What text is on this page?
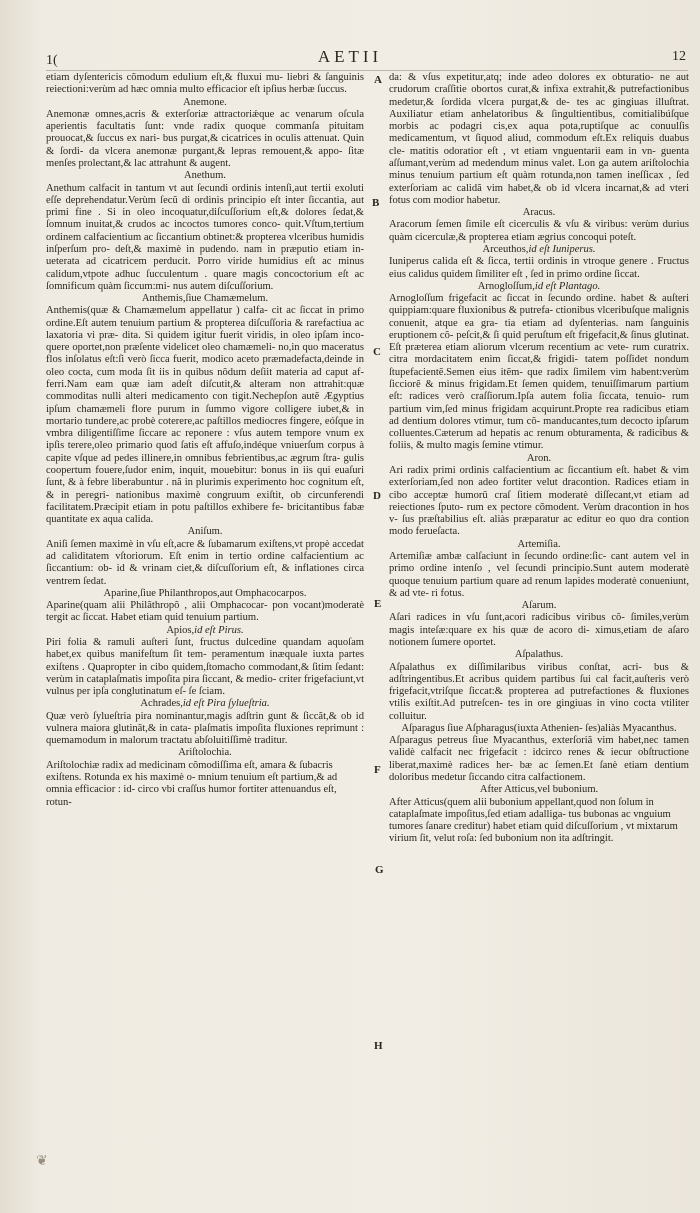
1(	AETII	12

etiam dyſentericis cõmodum edulium eſt,& fluxui mu- liebri & ſanguinis reiectioni:verùm ad hæc omnia multo efficacior eſt ipſius herbæ ſuccus.

Anemone.

Anemonæ omnes,acris & exterſoriæ attractoriǽque ac venarum oſcula aperientis facultatis ſunt: vnde radix quoque commanſa pituitam prouocat,& ſuccus ex nari- bus purgat,& cicatrices in oculis attenuat. Quin & ſordi- da vlcera anemonæ purgant,& lepras remouent,& appo- ſitæ menſes prolectant,& lac attrahunt & augent.

Anethum.

Anethum calfacit in tantum vt aut ſecundi ordinis intenſi,aut tertii exoluti eſſe deprehendatur.Verùm ſecũ di ordinis principio eſt inter ſiccantia, aut primi fine . Si in oleo incoquatur,diſcuſſorium eſt,& dolores ſedat,& ſomnum inuitat,& crudos ac incoctos tumores conco- quit.Vſtum,tertium ordinem calfacientium ac ſiccantium obtinet:& propterea vlceribus humidis inſperſum pro- deſt,& maximè in pudendo. nam in præputio etiam in- ueterata ad cicatricem perducit. Porro viride humidius eſt ac minus calidum,vtpote adhuc ſucculentum . quare magis concoctorium eſt ac ſomnificum quàm ſiccum:mi- nus autem diſcuſſorium.

Anthemis,ſiue Chamæmelum.

Anthemis(quæ & Chamæmelum appellatur ) calfa- cit ac ſiccat in primo ordine.Eſt autem tenuium partium & propterea diſcuſſoria & rarefactiua ac laxatoria vi præ- dita. Si quidem igitur fuerit viridis, in oleo ipſam inco- quere oportet,non præſente videlicet oleo chamæmeli- no,in quo maceratus flos inſolatus eſt:ſi verò ſicca fuerit, modico aceto præmadefacta,deinde in oleo cocta, cum moda ſit iis in quibus nõdum deſiit materia ad caput af- ferri.Nam eam quæ iam adeſt diſcutit,& alteram non attrahit:quæ commoditas nulli alteri medicamento con tigit.Nechepſon autẽ Ægyptius ipſum chamæmeli flore purum in ſummo vigore colligere iubet,& in mortario tundere,ac probè coterere,ac paſtillos mediocres fingere, eóſque in vmbra diligentiſſime ſiccare ac reponere : vſus autem tempore vnum ex ipſis terere,oleo primario quod ſatis eſt affuſo,indéque vniuerſum corpus à capite vſque ad pedes illinere,in omnibus febrientibus,ac ægrum ſtra- gulis coopertum fouere,ſudor enim, inquit, mouebitur: bonus in iis qui euaſuri ſunt, & à febre liberabuntur . nã in plurimis experimento hoc cognitum eſt, & in peregri- nationibus maximè congruum exiſtit, ob circunferendi facilitatem.Præcipit etiam in potu paſtillos exhibere fe- bricitantibus fabæ quantitate ex aqua calida.

Aniſum.

Aniſi ſemen maximè in vſu eſt,acre & ſubamarum exiſtens,vt propè accedat ad caliditatem vſtoriorum. Eſt enim in tertio ordine calfacientium ac ſiccantium: ob- id & vrinam ciet,& diſcuſſorium eſt, & inflationes circa ventrem ſedat.

Aparine,ſiue Philanthropos,aut Omphacocarpos.

Aparine(quam alii Philãthropõ , alii Omphacocar- pon vocant)moderatè tergit ac ſiccat. Habet etiam quid tenuium partium.

Apios,id eſt Pirus.

Piri folia & ramuli auſteri ſunt, fructus dulcedine quandam aquoſam habet,ex quibus manifeſtum ſit tem- peramentum inæquale iuxta partes exiſtens . Quapropter in cibo quidem,ſtomacho commodant,& ſitim ſedant: verùm in cataplaſmatis impoſita pira ſiccant, & medio- criter frigefaciunt,vt vulnus per ipſa conglutinatum eſ- ſe ſciam.

Achrades,id eſt Pira ſylueſtria.

Quæ verò ſylueſtria pira nominantur,magis adſtrin gunt & ſiccãt,& ob id vulnera maiora glutinãt,& in cata- plaſmatis impoſita fluxiones reprimunt : quemamodum in malorum tractatu abſoluitiſſimè traditur.

Ariſtolochia.

Ariſtolochiæ radix ad medicinam cõmodiſſima eſt, amara & ſubacris exiſtens. Rotunda ex his maximè o- mnium tenuium eſt partium,& ad omnia efficacior : id- circo vbi craſſus humor fortiter attenuandus eſt, rotun-

da: & vſus expetitur,atq; inde adeo dolores ex obturatio- ne aut crudorum craſſitie obortos curat,& infixa extrahit,& putrefactionibus medetur,& ſordida vlcera purgat,& de- tes ac gingiuas illuſtrat. Auxiliatur etiam anhelatoribus & ſingultientibus, comitialibúſque morbis ac podagri cis,ex aqua pota,ruptiſque ac conuulſis medicamentum, vt ſiquod aliud, commodum eſt.Ex reliquis duabus cle- matitis odoratior eſt , vt etiam vnguentarii eam in vn- guenta aſſumant,verùm ad medendum minus valet. Lon ga autem ariſtolochia minus tenuium partium eſt quàm rotunda,non tamen ineſſicax , ſed exterſoriam ac calidã vim habet,& ob id vlcera incarnat,& ad vteri fotus com modior habetur.

Aracus.

Aracorum ſemen ſimile eſt cicerculis & vſu & viribus: verùm durius quàm cicerculæ,& propterea etiam ægrius concoqui poteſt.

Arceuthos,id eſt Iuniperus.

Iuniperus calida eſt & ſicca, tertii ordinis in vtroque genere . Fructus eius calidus quidem ſimiliter eſt , ſed in primo ordine ſiccat.

Arnogloſſum,id eſt Plantago.

Arnogloſſum frigefacit ac ſiccat in ſecundo ordine. habet & auſteri quippiam:quare fluxionibus & putrefa- ctionibus vlceribuſque malignis conuenit, atque ea gra- tia etiam ad dyſenterias. nam ſanguinis eruptionem cõ- peſcit,& ſi quid peruſtum eſt frigefacit,& ſinus glutinat. Eſt præterea etiam aliorum vlcerum recentium ac vete- rum curatrix. citra mordacitatem enim ſiccat,& frigidi- tatem poſſidet nondum ſtupefacientẽ.Semen eius itẽm- que radix ſimilem vim habent:verùm ſicciorẽ & minus frigidam.Et ſemen quidem, tenuiſſimarum partium eſt: radices verò craſſiorum.Ipſa autem folia ſiccata, tenuio- rum partium vim,ſed minus frigidam acquirunt.Propte rea radicibus etiam ad dentium dolores vtimur, tum cõ- manducantes,tum decocto ipſarum colluentes.Cæterum ad hepatis ac renum obturamenta, & radicibus & foliis, & multo magis ſemine vtimur.

Aron.

Ari radix primi ordinis calfacientium ac ſiccantium eſt. habet & vim exterſoriam,ſed non adeo fortiter velut dracontion. Radices etiam in cibo acceptæ humorũ craſ ſitiem moderatè diſſecant,vt etiam ad reiectiones ſputo- rum ex pectore cõmodent. Verùm dracontion in hos v- ſus præſtabilius eſt. aliàs præparatur ac editur eo quo dra contion modo ferueſacta.

Artemiſia.

Artemiſiæ ambæ calſaciunt in ſecundo ordine:ſic- cant autem vel in primo ordine intenſo , vel ſecundi principio.Sunt autem moderatè quoque tenuium partium quare ad renum lapides moderatè conueniunt, & ad vte- ri fotus.

Aſarum.

Aſari radices in vſu ſunt,acori radicibus viribus cõ- ſimiles,verùm magis inteſæ:quare ex his quæ de acoro di- ximus,etiam de aſaro notionem ſumere oportet.

Aſpalathus.

Aſpalathus ex diſſimilaribus viribus conſtat, acri- bus & adſtringentibus.Et acribus quidem partibus ſui cal facit,auſteris verò frigefacit,vtriſque ſiccat:& propterea ad putrefactiones & fluxiones vtilis exiſtit.Ad putreſcen- tes in ore gingiuas in vino cocta vtiliter colluitur.

Aſparagus ſiue Aſpharagus(iuxta Athenien- ſes)aliàs Myacanthus.

Aſparagus petreus ſiue Myacanthus, exterſoriã vim habet,nec tamen validè calfacit nec frigefacit : idcirco renes & iecur obſtructione liberat,maximè radices her- bæ ac ſemen.Et ſanè etiam dentium doloribus medetur ſiccando citra calfactionem.

After Atticus,vel bubonium.

After Atticus(quem alii bubonium appellant,quod non ſolum in cataplaſmate impoſitus,ſed etiam adalliga- tus bubonas ac vnguium tumores ſanare creditur) habet etiam quid diſcuſſorium , vt mixtarum virium ſit, velut roſa: ſed bubonium non ita adſtringit.

A
B
C
D
E
F
G
H
❦
